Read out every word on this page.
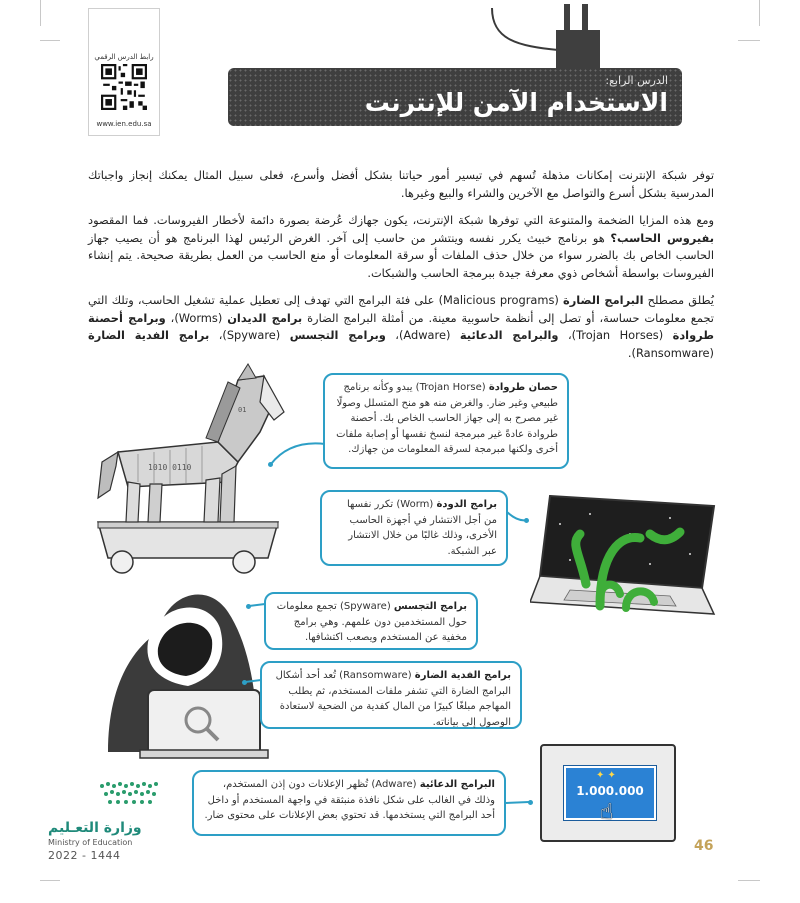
رابط الدرس الرقمي
www.ien.edu.sa
الدرس الرابع:
الاستخدام الآمن للإنترنت
توفر شبكة الإنترنت إمكانات مذهلة تُسهم في تيسير أمور حياتنا بشكل أفضل وأسرع، فعلى سبيل المثال يمكنك إنجاز واجباتك المدرسية بشكل أسرع والتواصل مع الآخرين والشراء والبيع وغيرها.
ومع هذه المزايا الضخمة والمتنوعة التي توفرها شبكة الإنترنت، يكون جهازك عُرضة بصورة دائمة لأخطار الفيروسات. فما المقصود بفيروس الحاسب؟ هو برنامج خبيث يكرر نفسه وينتشر من حاسب إلى آخر. الغرض الرئيس لهذا البرنامج هو أن يصيب جهاز الحاسب الخاص بك بالضرر سواء من خلال حذف الملفات أو سرقة المعلومات أو منع الحاسب من العمل بطريقة صحيحة. يتم إنشاء الفيروسات بواسطة أشخاص ذوي معرفة جيدة ببرمجة الحاسب والشبكات.
يُطلق مصطلح البرامج الضارة (Malicious programs) على فئة البرامج التي تهدف إلى تعطيل عملية تشغيل الحاسب، وتلك التي تجمع معلومات حساسة، أو تصل إلى أنظمة حاسوبية معينة. من أمثلة البرامج الضارة برامج الديدان (Worms)، وبرامج أحصنة طروادة (Trojan Horses)، والبرامج الدعائية (Adware)، وبرامج التجسس (Spyware)، برامج الفدية الضارة (Ransomware).
1010 0110
01
حصان طروادة (Trojan Horse) يبدو وكأنه برنامج طبيعي وغير ضار. والغرض منه هو منح المتسلل وصولًا غير مصرح به إلى جهاز الحاسب الخاص بك. أحصنة طروادة عادةً غير مبرمجة لنسخ نفسها أو إصابة ملفات أخرى ولكنها مبرمجة لسرقة المعلومات من جهازك.
برامج الدودة (Worm) تكرر نفسها من أجل الانتشار في أجهزة الحاسب الأخرى، وذلك غالبًا من خلال الانتشار عبر الشبكة.
برامج التجسس (Spyware) تجمع معلومات حول المستخدمين دون علمهم. وهي برامج مخفية عن المستخدم ويصعب اكتشافها.
برامج الفدية الضارة (Ransomware) تُعد أحد أشكال البرامج الضارة التي تشفر ملفات المستخدم، ثم يطلب المهاجم مبلغًا كبيرًا من المال كفدية من الضحية لاستعادة الوصول إلى بياناته.
البرامج الدعائية (Adware) تُظهر الإعلانات دون إذن المستخدم، وذلك في الغالب على شكل نافذة منبثقة في واجهة المستخدم أو داخل أحد البرامج التي يستخدمها. قد تحتوي بعض الإعلانات على محتوى ضار.
✦ ✦
1.000.000
☝
وزارة التعـليم
Ministry of Education
2022 - 1444
46
